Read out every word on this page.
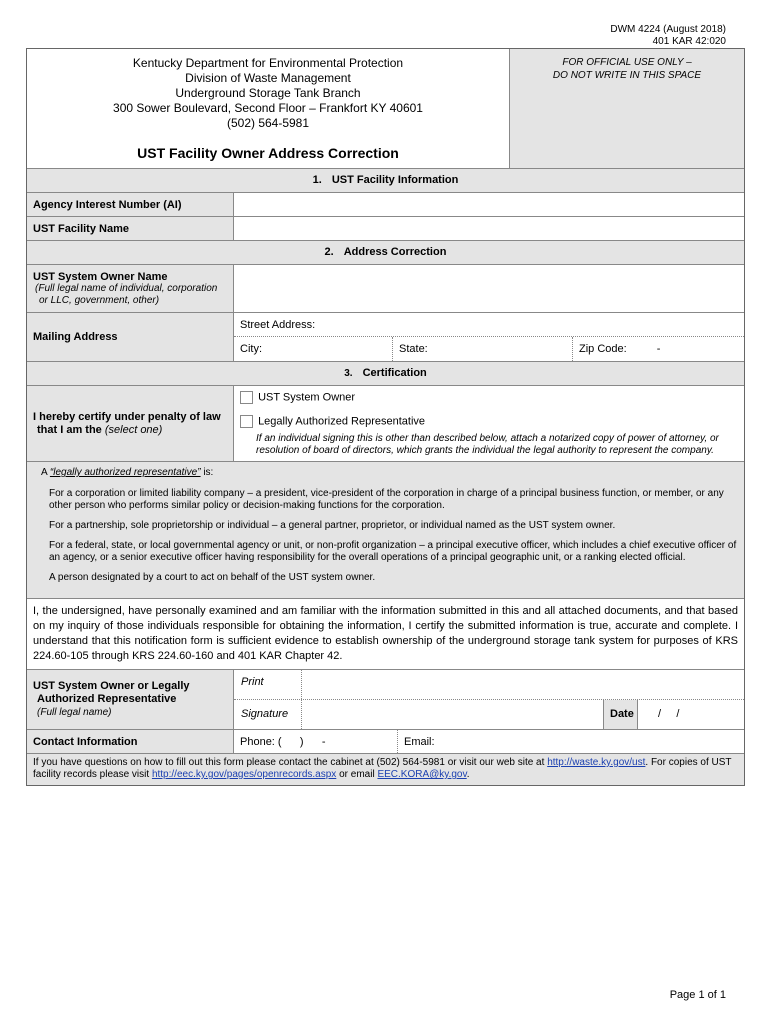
DWM 4224 (August 2018)
401 KAR 42:020
Kentucky Department for Environmental Protection
Division of Waste Management
Underground Storage Tank Branch
300 Sower Boulevard, Second Floor – Frankfort KY 40601
(502) 564-5981
UST Facility Owner Address Correction
FOR OFFICIAL USE ONLY –
DO NOT WRITE IN THIS SPACE
1. UST Facility Information
Agency Interest Number (AI)
UST Facility Name
2. Address Correction
UST System Owner Name
(Full legal name of individual, corporation
or LLC, government, other)
Mailing Address
Street Address:
City:	State:	Zip Code:	-
3. Certification
I hereby certify under penalty of law
that I am the (select one)
UST System Owner
Legally Authorized Representative
If an individual signing this is other than described below, attach a notarized copy of power of attorney, or resolution of board of directors, which grants the individual the legal authority to represent the company.
A “legally authorized representative” is:

For a corporation or limited liability company – a president, vice-president of the corporation in charge of a principal business function, or member, or any other person who performs similar policy or decision-making functions for the corporation.

For a partnership, sole proprietorship or individual – a general partner, proprietor, or individual named as the UST system owner.

For a federal, state, or local governmental agency or unit, or non-profit organization – a principal executive officer, which includes a chief executive officer of an agency, or a senior executive officer having responsibility for the overall operations of a principal geographic unit, or a ranking elected official.

A person designated by a court to act on behalf of the UST system owner.

I, the undersigned, have personally examined and am familiar with the information submitted in this and all attached documents, and that based on my inquiry of those individuals responsible for obtaining the information, I certify the submitted information is true, accurate and complete. I understand that this notification form is sufficient evidence to establish ownership of the underground storage tank system for purposes of KRS 224.60-105 through KRS 224.60-160 and 401 KAR Chapter 42.
UST System Owner or Legally
Authorized Representative
(Full legal name)
Print
Signature	Date	/     /
Contact Information	Phone: (      )      -	Email:
If you have questions on how to fill out this form please contact the cabinet at (502) 564-5981 or visit our web site at http://waste.ky.gov/ust. For copies of UST facility records please visit http://eec.ky.gov/pages/openrecords.aspx or email EEC.KORA@ky.gov.
Page 1 of 1
